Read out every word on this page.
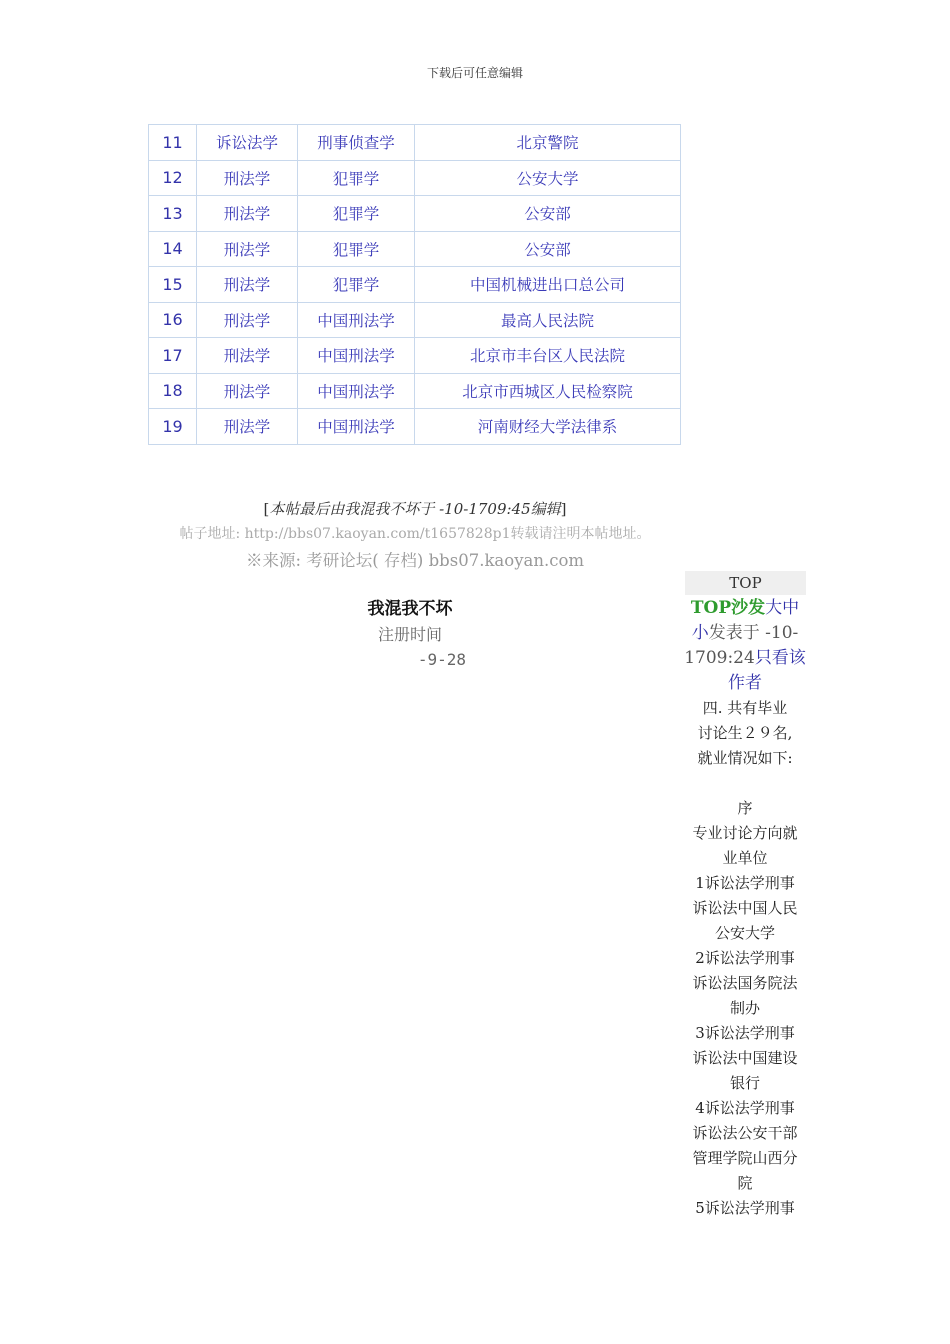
下载后可任意编辑
11	诉讼法学	刑事侦查学	北京警院
12	刑法学	犯罪学	公安大学
13	刑法学	犯罪学	公安部
14	刑法学	犯罪学	公安部
15	刑法学	犯罪学	中国机械进出口总公司
16	刑法学	中国刑法学	最高人民法院
17	刑法学	中国刑法学	北京市丰台区人民法院
18	刑法学	中国刑法学	北京市西城区人民检察院
19	刑法学	中国刑法学	河南财经大学法律系
[本帖最后由我混我不坏于 -10-1709:45编辑]
帖子地址: http://bbs07.kaoyan.com/t1657828p1转载请注明本帖地址。
※来源: 考研论坛( 存档) bbs07.kaoyan.com
TOP
我混我不坏
注册时间
-9-28
TOP沙发大中小发表于 -10-1709:24只看该作者
四. 共有毕业
讨论生２９名,
就业情况如下:

序
专业讨论方向就
业单位
1诉讼法学刑事
诉讼法中国人民
公安大学
2诉讼法学刑事
诉讼法国务院法
制办
3诉讼法学刑事
诉讼法中国建设
银行
4诉讼法学刑事
诉讼法公安干部
管理学院山西分
院
5诉讼法学刑事
